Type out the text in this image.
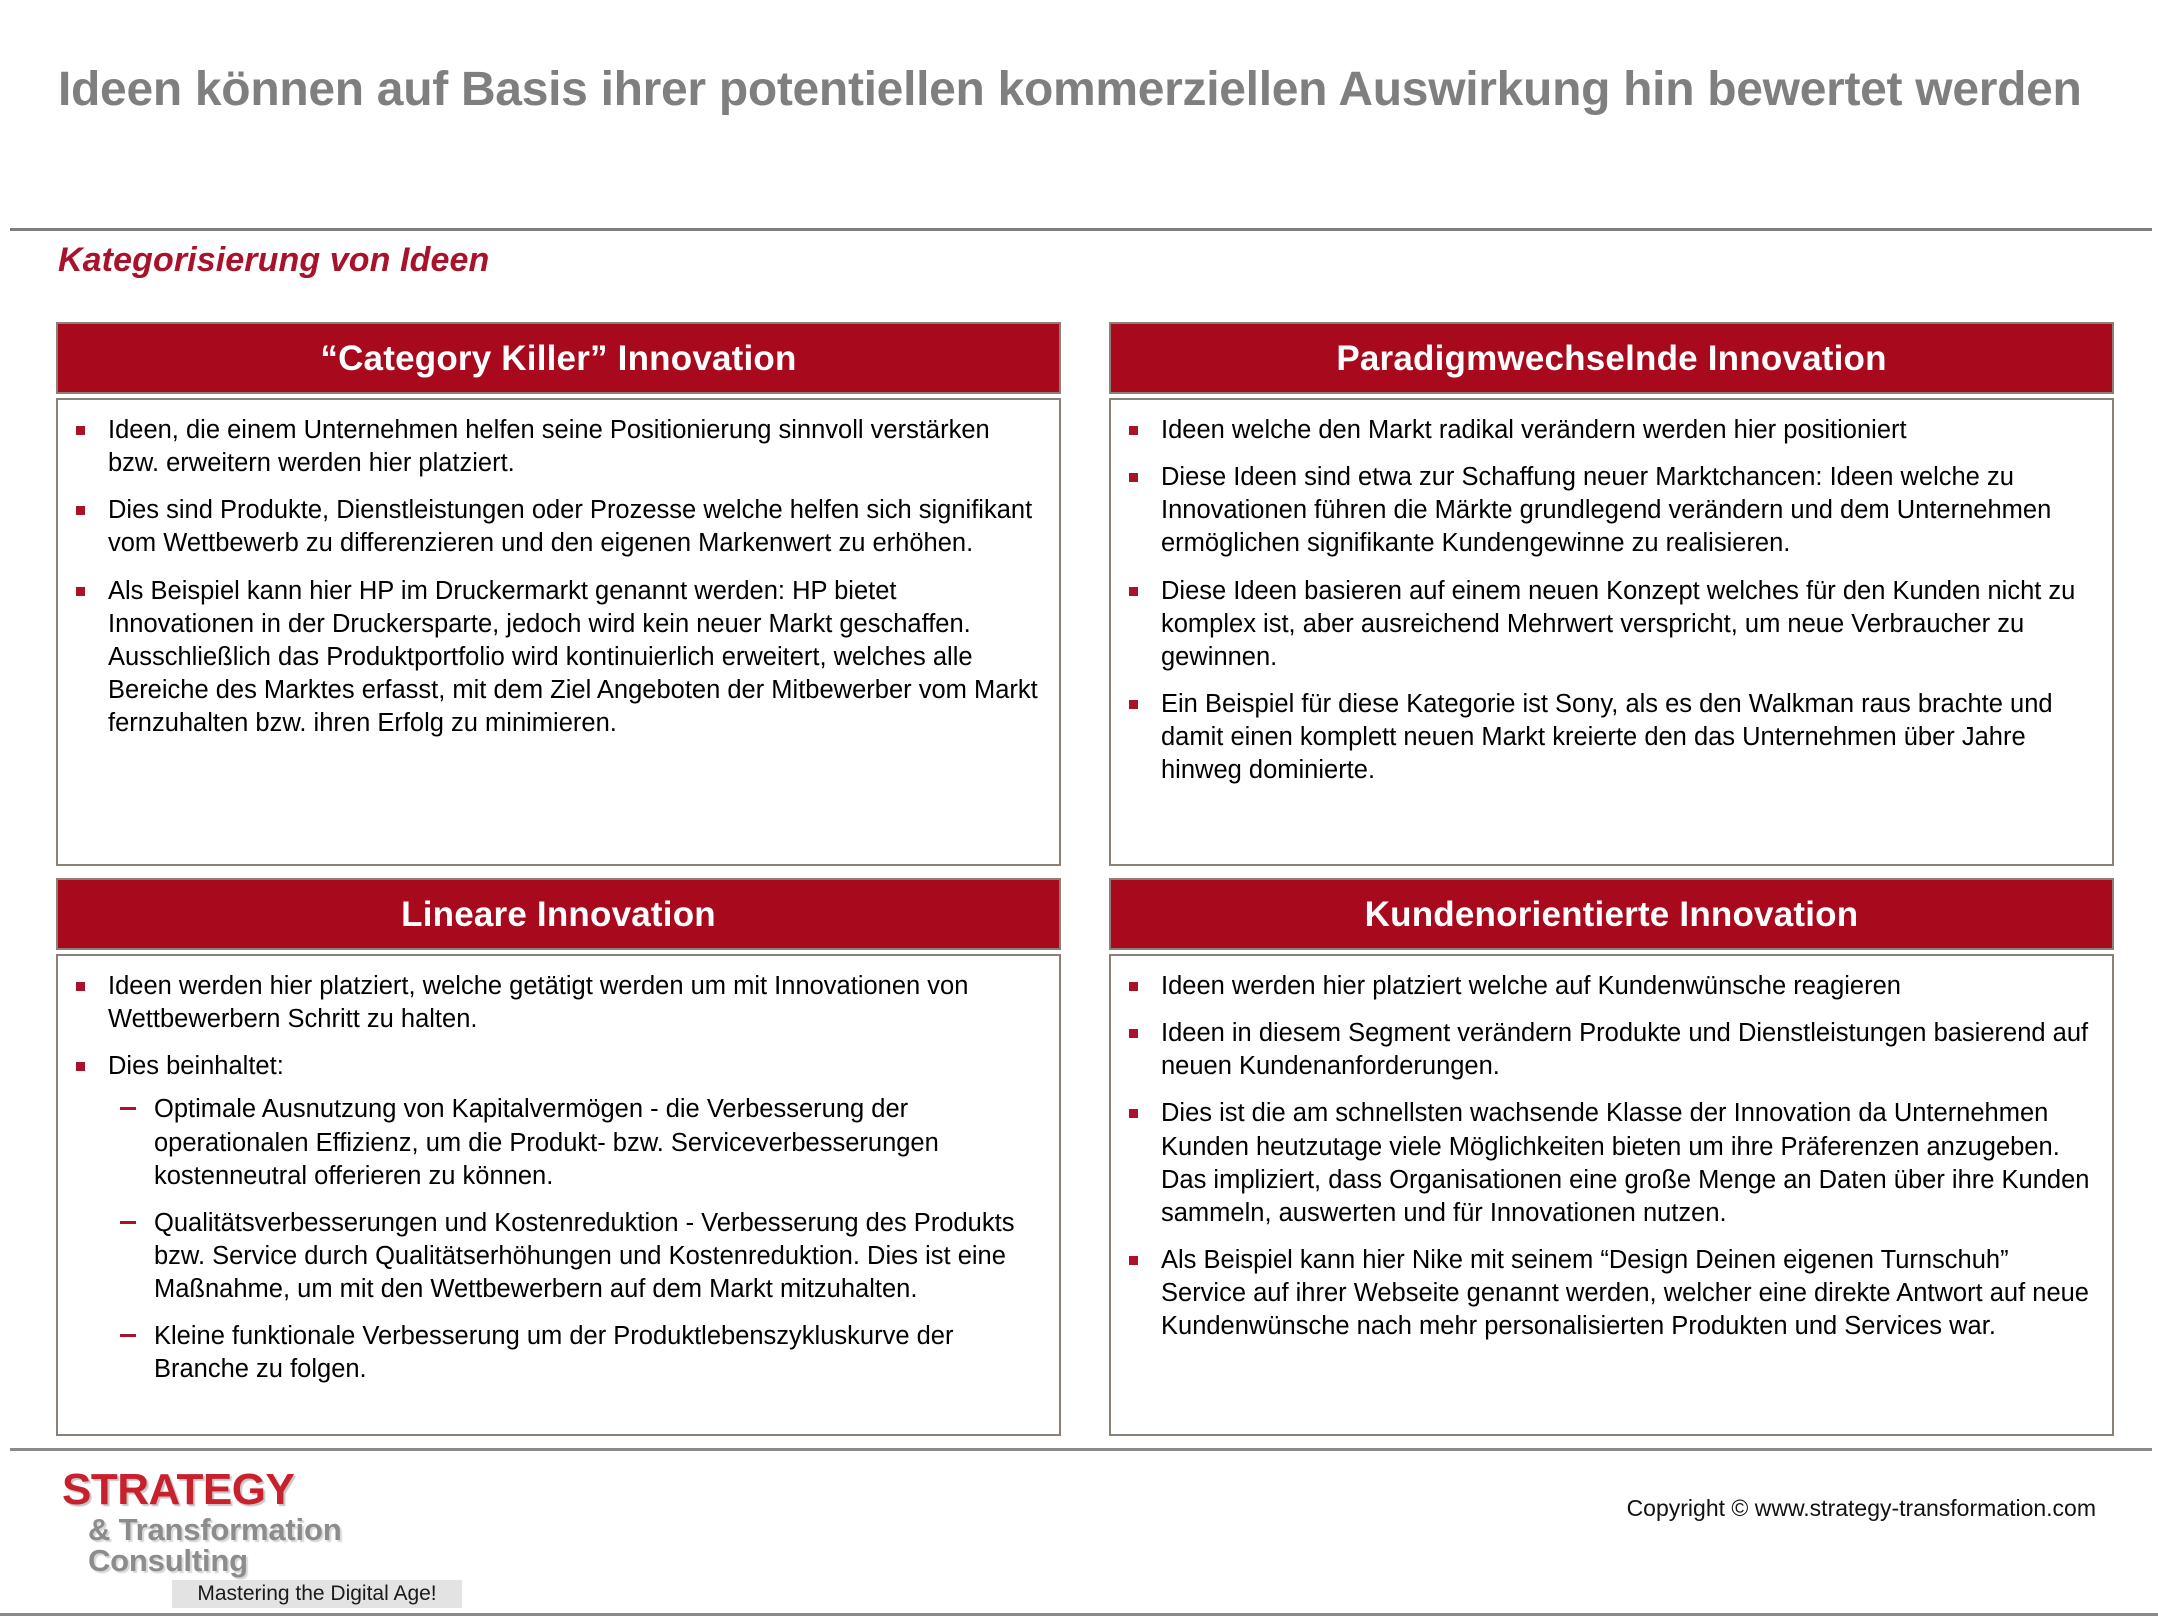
Ideen können auf Basis ihrer potentiellen kommerziellen Auswirkung hin bewertet werden
Kategorisierung von Ideen
“Category Killer” Innovation
Ideen, die einem Unternehmen helfen seine Positionierung sinnvoll verstärken bzw. erweitern werden hier platziert.
Dies sind Produkte, Dienstleistungen oder Prozesse welche helfen sich signifikant vom Wettbewerb zu differenzieren und den eigenen Markenwert zu erhöhen.
Als Beispiel kann hier HP im Druckermarkt genannt werden: HP bietet Innovationen in der Druckersparte, jedoch wird kein neuer Markt geschaffen. Ausschließlich das Produktportfolio wird kontinuierlich erweitert, welches alle Bereiche des Marktes erfasst, mit dem Ziel Angeboten der Mitbewerber vom Markt fernzuhalten bzw. ihren Erfolg zu minimieren.
Paradigmwechselnde Innovation
Ideen welche den Markt radikal verändern werden hier positioniert
Diese Ideen sind etwa zur Schaffung neuer Marktchancen: Ideen welche zu Innovationen führen die Märkte grundlegend verändern und dem Unternehmen ermöglichen signifikante Kundengewinne zu realisieren.
Diese Ideen basieren auf einem neuen Konzept welches für den Kunden nicht zu komplex ist, aber ausreichend Mehrwert verspricht, um neue Verbraucher zu gewinnen.
Ein Beispiel für diese Kategorie ist Sony, als es den Walkman raus brachte und damit einen komplett neuen Markt kreierte den das Unternehmen über Jahre hinweg dominierte.
Lineare Innovation
Ideen werden hier platziert, welche getätigt werden um mit Innovationen von Wettbewerbern Schritt zu halten.
Dies beinhaltet:
Optimale Ausnutzung von Kapitalvermögen - die Verbesserung der operationalen Effizienz, um die Produkt- bzw. Serviceverbesserungen kostenneutral offerieren zu können.
Qualitätsverbesserungen und Kostenreduktion - Verbesserung des Produkts bzw. Service durch Qualitätserhöhungen und Kostenreduktion. Dies ist eine Maßnahme, um mit den Wettbewerbern auf dem Markt mitzuhalten.
Kleine funktionale Verbesserung um der Produktlebenszykluskurve der Branche zu folgen.
Kundenorientierte Innovation
Ideen werden hier platziert welche auf Kundenwünsche reagieren
Ideen in diesem Segment verändern Produkte und Dienstleistungen basierend auf neuen Kundenanforderungen.
Dies ist die am schnellsten wachsende Klasse der Innovation da Unternehmen Kunden heutzutage viele Möglichkeiten bieten um ihre Präferenzen anzugeben. Das impliziert, dass Organisationen eine große Menge an Daten über ihre Kunden sammeln, auswerten und für Innovationen nutzen.
Als Beispiel kann hier Nike mit seinem “Design Deinen eigenen Turnschuh” Service auf ihrer Webseite genannt werden, welcher eine direkte Antwort auf neue Kundenwünsche nach mehr personalisierten Produkten und Services war.
STRATEGY
& Transformation Consulting
Mastering the Digital Age!
Copyright © www.strategy-transformation.com
